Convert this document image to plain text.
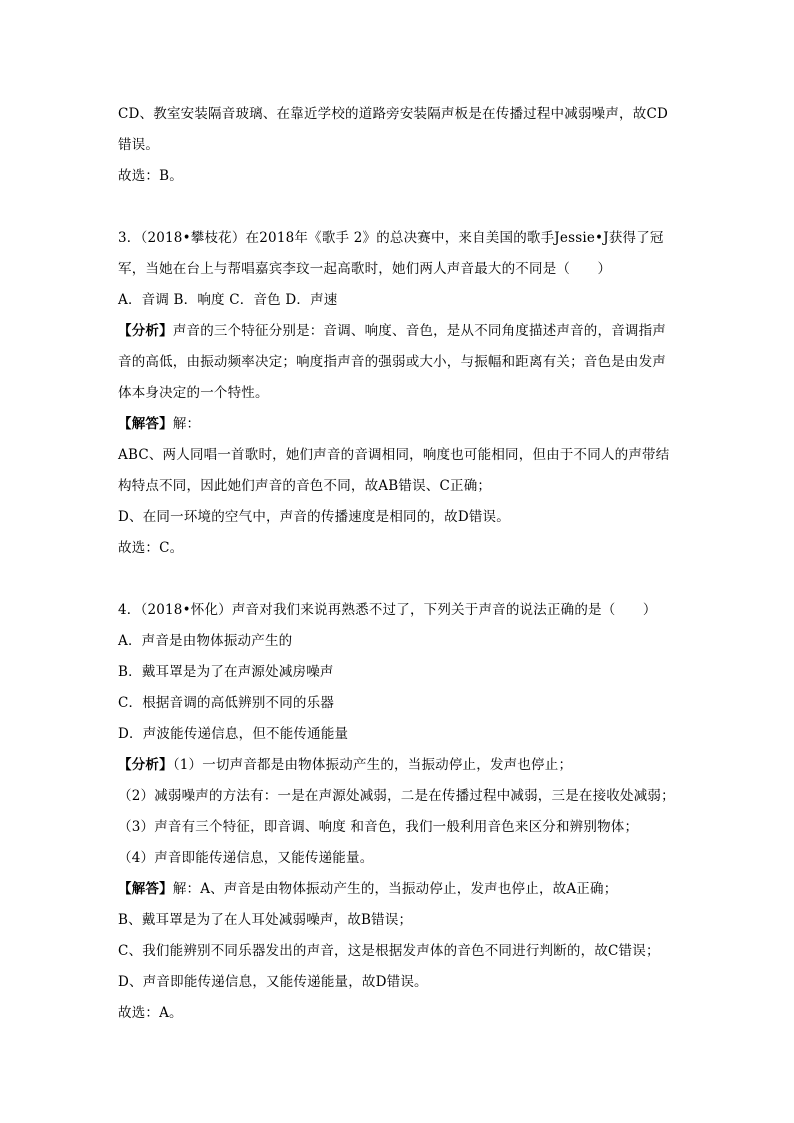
CD、教室安装隔音玻璃、在靠近学校的道路旁安装隔声板是在传播过程中减弱噪声，故CD
错误。
故选：B。
3．（2018•攀枝花）在2018年《歌手 2》的总决赛中，来自美国的歌手Jessie•J获得了冠
军，当她在台上与帮唱嘉宾李玟一起高歌时，她们两人声音最大的不同是（　　）
A．音调 B．响度 C．音色 D．声速
【分析】声音的三个特征分别是：音调、响度、音色，是从不同角度描述声音的，音调指声
音的高低，由振动频率决定；响度指声音的强弱或大小，与振幅和距离有关；音色是由发声
体本身决定的一个特性。
【解答】解：
ABC、两人同唱一首歌时，她们声音的音调相同，响度也可能相同，但由于不同人的声带结
构特点不同，因此她们声音的音色不同，故AB错误、C正确；
D、在同一环境的空气中，声音的传播速度是相同的，故D错误。
故选：C。
4．（2018•怀化）声音对我们来说再熟悉不过了，下列关于声音的说法正确的是（　　）
A．声音是由物体振动产生的
B．戴耳罩是为了在声源处减房噪声
C．根据音调的高低辨别不同的乐器
D．声波能传递信息，但不能传通能量
【分析】（1）一切声音都是由物体振动产生的，当振动停止，发声也停止；
（2）减弱噪声的方法有：一是在声源处减弱，二是在传播过程中减弱，三是在接收处减弱；
（3）声音有三个特征，即音调、响度 和音色，我们一般利用音色来区分和辨别物体；
（4）声音即能传递信息，又能传递能量。
【解答】解：A、声音是由物体振动产生的，当振动停止，发声也停止，故A正确；
B、戴耳罩是为了在人耳处减弱噪声，故B错误；
C、我们能辨别不同乐器发出的声音，这是根据发声体的音色不同进行判断的，故C错误；
D、声音即能传递信息，又能传递能量，故D错误。
故选：A。
